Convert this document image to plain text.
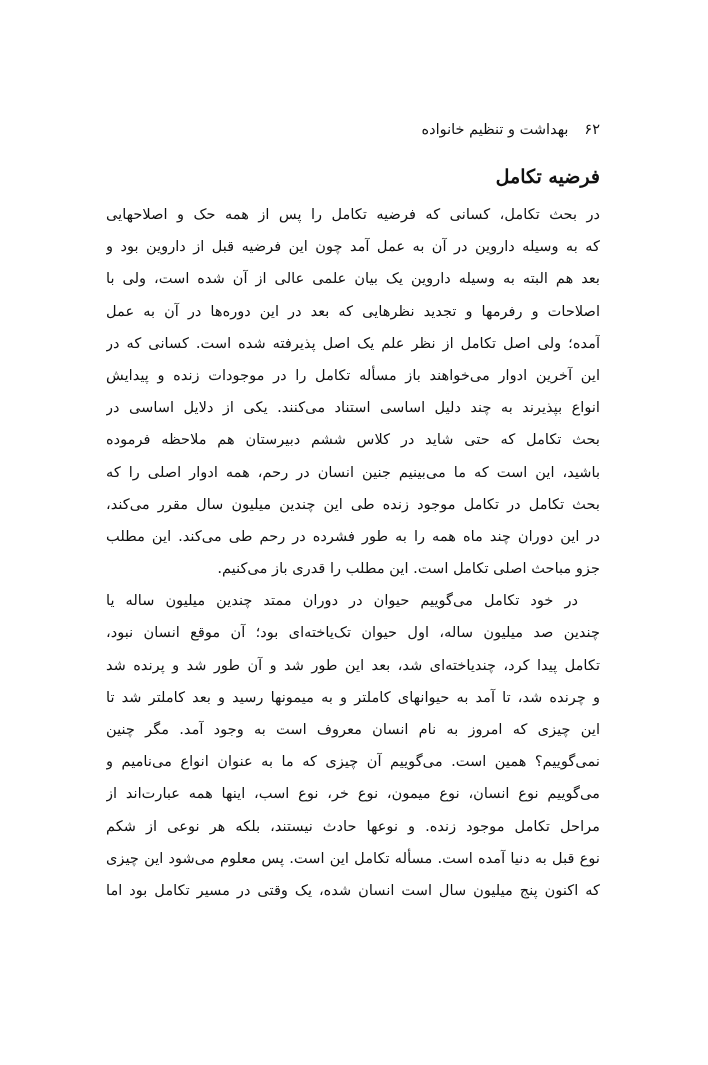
۶۲بهداشت و تنظیم خانواده
فرضیه تکامل
در بحث تکامل، کسانی که فرضیه تکامل را پس از همه حک و اصلاحهایی
که به وسیله داروین در آن به عمل آمد چون این فرضیه قبل از داروین بود و
بعد هم البته به وسیله داروین یک بیان علمی عالی از آن شده است، ولی با
اصلاحات و رفرمها و تجدید نظرهایی که بعد در این دوره‌ها در آن به عمل
آمده؛ ولی اصل تکامل از نظر علم یک اصل پذیرفته شده است. کسانی که در
این آخرین ادوار می‌خواهند باز مسأله تکامل را در موجودات زنده و پیدایش
انواع بپذیرند به چند دلیل اساسی استناد می‌کنند. یکی از دلایل اساسی در
بحث تکامل که حتی شاید در کلاس ششم دبیرستان هم ملاحظه فرموده
باشید، این است که ما می‌بینیم جنین انسان در رحم، همه ادوار اصلی را که
بحث تکامل در تکامل موجود زنده طی این چندین میلیون سال مقرر می‌کند،
در این دوران چند ماه همه را به طور فشرده در رحم طی می‌کند. این مطلب
جزو مباحث اصلی تکامل است. این مطلب را قدری باز می‌کنیم.
در خود تکامل می‌گوییم حیوان در دوران ممتد چندین میلیون ساله یا
چندین صد میلیون ساله، اول حیوان تک‌یاخته‌ای بود؛ آن موقع انسان نبود،
تکامل پیدا کرد، چندیاخته‌ای شد، بعد این طور شد و آن طور شد و پرنده شد
و چرنده شد، تا آمد به حیوانهای کاملتر و به میمونها رسید و بعد کاملتر شد تا
این چیزی که امروز به نام انسان معروف است به وجود آمد. مگر چنین
نمی‌گوییم؟ همین است. می‌گوییم آن چیزی که ما به عنوان انواع می‌نامیم و
می‌گوییم نوع انسان، نوع میمون، نوع خر، نوع اسب، اینها همه عبارت‌اند از
مراحل تکامل موجود زنده. و نوعها حادث نیستند، بلکه هر نوعی از شکم
نوع قبل به دنیا آمده است. مسأله تکامل این است. پس معلوم می‌شود این چیزی
که اکنون پنج میلیون سال است انسان شده، یک وقتی در مسیر تکامل بود اما
